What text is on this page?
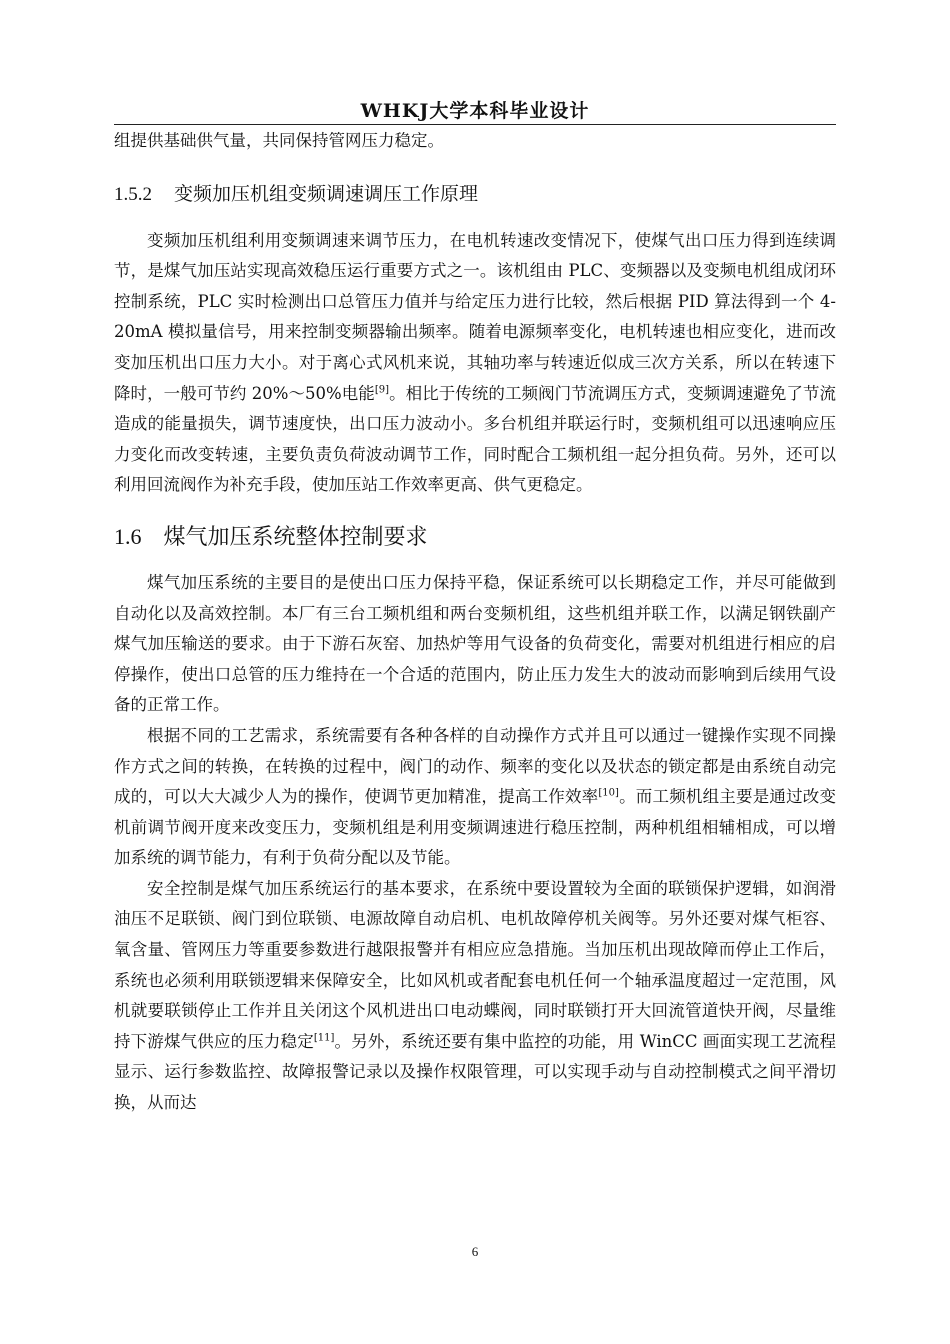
WHKJ大学本科毕业设计

组提供基础供气量，共同保持管网压力稳定。

1.5.2 变频加压机组变频调速调压工作原理

变频加压机组利用变频调速来调节压力，在电机转速改变情况下，使煤气出口压力得到连续调节，是煤气加压站实现高效稳压运行重要方式之一。该机组由 PLC、变频器以及变频电机组成闭环控制系统，PLC 实时检测出口总管压力值并与给定压力进行比较，然后根据 PID 算法得到一个 4-20mA 模拟量信号，用来控制变频器输出频率。随着电源频率变化，电机转速也相应变化，进而改变加压机出口压力大小。对于离心式风机来说，其轴功率与转速近似成三次方关系，所以在转速下降时，一般可节约 20%～50%电能[9]。相比于传统的工频阀门节流调压方式，变频调速避免了节流造成的能量损失，调节速度快，出口压力波动小。多台机组并联运行时，变频机组可以迅速响应压力变化而改变转速，主要负责负荷波动调节工作，同时配合工频机组一起分担负荷。另外，还可以利用回流阀作为补充手段，使加压站工作效率更高、供气更稳定。

1.6 煤气加压系统整体控制要求

煤气加压系统的主要目的是使出口压力保持平稳，保证系统可以长期稳定工作，并尽可能做到自动化以及高效控制。本厂有三台工频机组和两台变频机组，这些机组并联工作，以满足钢铁副产煤气加压输送的要求。由于下游石灰窑、加热炉等用气设备的负荷变化，需要对机组进行相应的启停操作，使出口总管的压力维持在一个合适的范围内，防止压力发生大的波动而影响到后续用气设备的正常工作。

根据不同的工艺需求，系统需要有各种各样的自动操作方式并且可以通过一键操作实现不同操作方式之间的转换，在转换的过程中，阀门的动作、频率的变化以及状态的锁定都是由系统自动完成的，可以大大减少人为的操作，使调节更加精准，提高工作效率[10]。而工频机组主要是通过改变机前调节阀开度来改变压力，变频机组是利用变频调速进行稳压控制，两种机组相辅相成，可以增加系统的调节能力，有利于负荷分配以及节能。

安全控制是煤气加压系统运行的基本要求，在系统中要设置较为全面的联锁保护逻辑，如润滑油压不足联锁、阀门到位联锁、电源故障自动启机、电机故障停机关阀等。另外还要对煤气柜容、氧含量、管网压力等重要参数进行越限报警并有相应应急措施。当加压机出现故障而停止工作后，系统也必须利用联锁逻辑来保障安全，比如风机或者配套电机任何一个轴承温度超过一定范围，风机就要联锁停止工作并且关闭这个风机进出口电动蝶阀，同时联锁打开大回流管道快开阀，尽量维持下游煤气供应的压力稳定[11]。另外，系统还要有集中监控的功能，用 WinCC 画面实现工艺流程显示、运行参数监控、故障报警记录以及操作权限管理，可以实现手动与自动控制模式之间平滑切换，从而达

6
